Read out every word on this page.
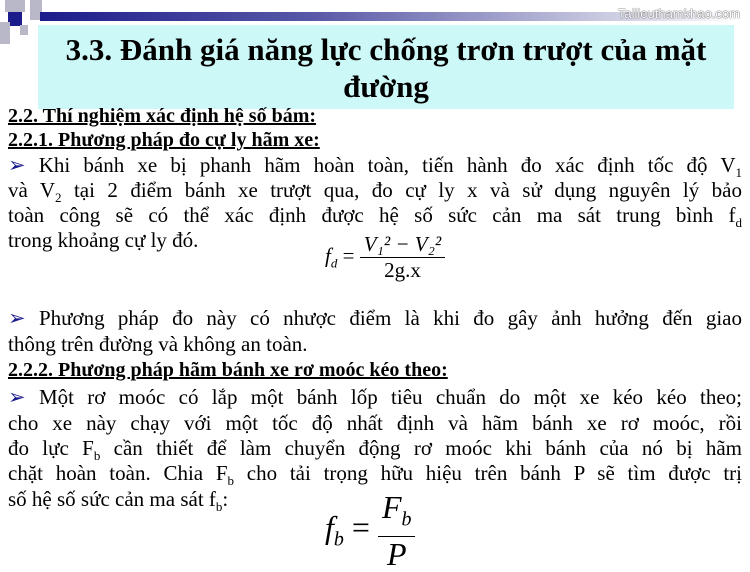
Tailieuthamkhao.com
3.3. Đánh giá năng lực chống trơn trượt của mặt đường
2.2. Thí nghiệm xác định hệ số bám:
2.2.1. Phương pháp đo cự ly hãm xe:
➢ Khi bánh xe bị phanh hãm hoàn toàn, tiến hành đo xác định tốc độ $V_1$
và $V_2$ tại 2 điểm bánh xe trượt qua, đo cự ly x và sử dụng nguyên lý bảo
toàn công sẽ có thể xác định được hệ số sức cản ma sát trung bình $f_d$
trong khoảng cự ly đó.
$f_d = \frac{\text{V₁² − V₂²}}{2g.x}$
➢ Phương pháp đo này có nhược điểm là khi đo gây ảnh hưởng đến giao
thông trên đường và không an toàn.
2.2.2. Phương pháp hãm bánh xe rơ moóc kéo theo:
➢ Một rơ moóc có lắp một bánh lốp tiêu chuẩn do một xe kéo kéo theo;
cho xe này chạy với một tốc độ nhất định và hãm bánh xe rơ moóc, rồi
đo lực $F_b$ cần thiết để làm chuyển động rơ moóc khi bánh của nó bị hãm
chặt hoàn toàn. Chia $F_b$ cho tải trọng hữu hiệu trên bánh P sẽ tìm được trị
số hệ số sức cản ma sát $f_b$:
$f_b = \frac{F_b}{P}$
